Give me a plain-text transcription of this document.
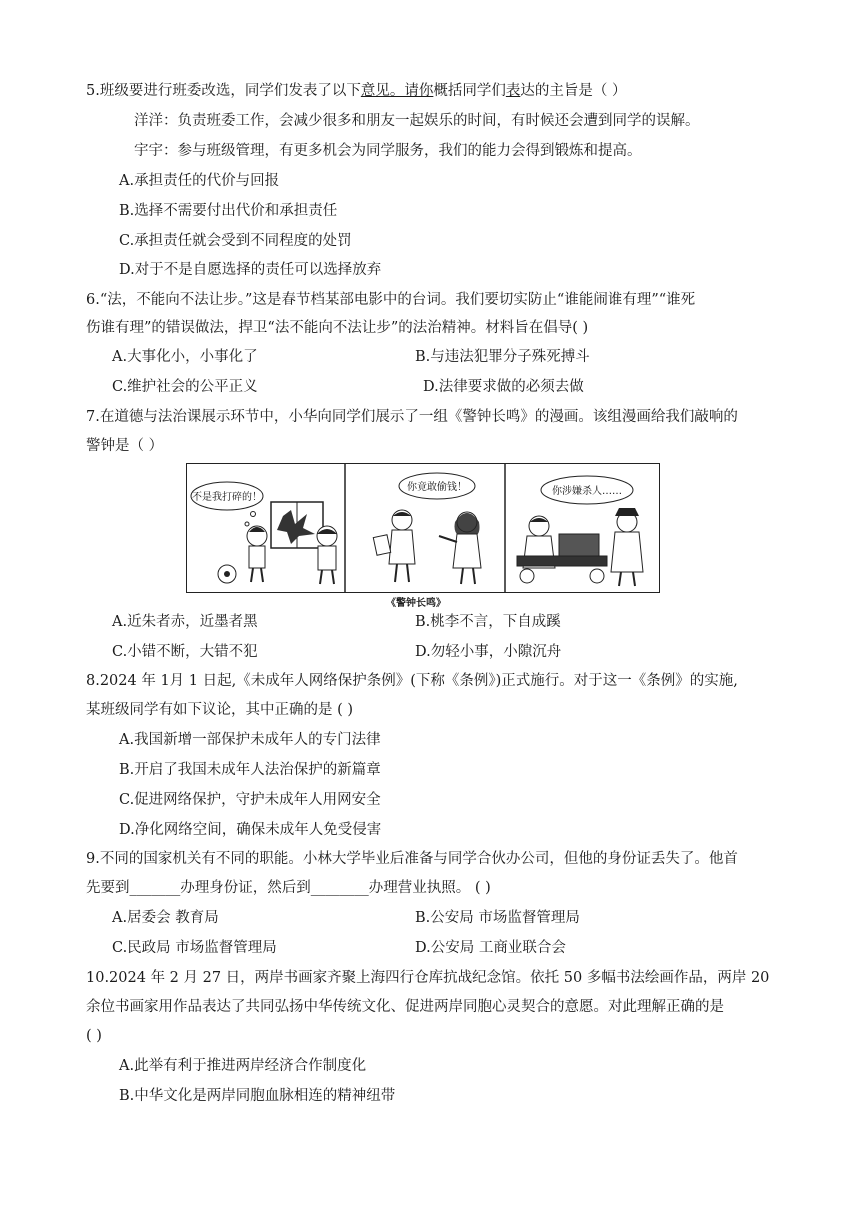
5.班级要进行班委改选，同学们发表了以下意见。请你概括同学们表达的主旨是（ ）
洋洋：负责班委工作，会减少很多和朋友一起娱乐的时间，有时候还会遭到同学的误解。
宇宇：参与班级管理，有更多机会为同学服务，我们的能力会得到锻炼和提高。
A.承担责任的代价与回报
B.选择不需要付出代价和承担责任
C.承担责任就会受到不同程度的处罚
D.对于不是自愿选择的责任可以选择放弃
6.“法，不能向不法让步。”这是春节档某部电影中的台词。我们要切实防止“谁能闹谁有理”“谁死
伤谁有理”的错误做法，捍卫“法不能向不法让步”的法治精神。材料旨在倡导( )
A.大事化小，小事化了	B.与违法犯罪分子殊死搏斗
C.维护社会的公平正义	D.法律要求做的必须去做
7.在道德与法治课展示环节中，小华向同学们展示了一组《警钟长鸣》的漫画。该组漫画给我们敲响的
警钟是（ ）
不是我打碎的！
你竟敢偷钱！	你涉嫌杀人……
《警钟长鸣》
A.近朱者赤，近墨者黑	B.桃李不言，下自成蹊
C.小错不断，大错不犯	D.勿轻小事，小隙沉舟
8.2024 年 1月 1 日起,《未成年人网络保护条例》(下称《条例》)正式施行。对于这一《条例》的实施,
某班级同学有如下议论，其中正确的是 ( )
A.我国新增一部保护未成年人的专门法律
B.开启了我国未成年人法治保护的新篇章
C.促进网络保护，守护未成年人用网安全
D.净化网络空间，确保未成年人免受侵害
9.不同的国家机关有不同的职能。小林大学毕业后准备与同学合伙办公司，但他的身份证丢失了。他首
先要到_______办理身份证，然后到________办理营业执照。 ( )
A.居委会 教育局	B.公安局 市场监督管理局
C.民政局 市场监督管理局	D.公安局 工商业联合会
10.2024 年 2 月 27 日，两岸书画家齐聚上海四行仓库抗战纪念馆。依托 50 多幅书法绘画作品，两岸 20
余位书画家用作品表达了共同弘扬中华传统文化、促进两岸同胞心灵契合的意愿。对此理解正确的是
( )
A.此举有利于推进两岸经济合作制度化
B.中华文化是两岸同胞血脉相连的精神纽带
